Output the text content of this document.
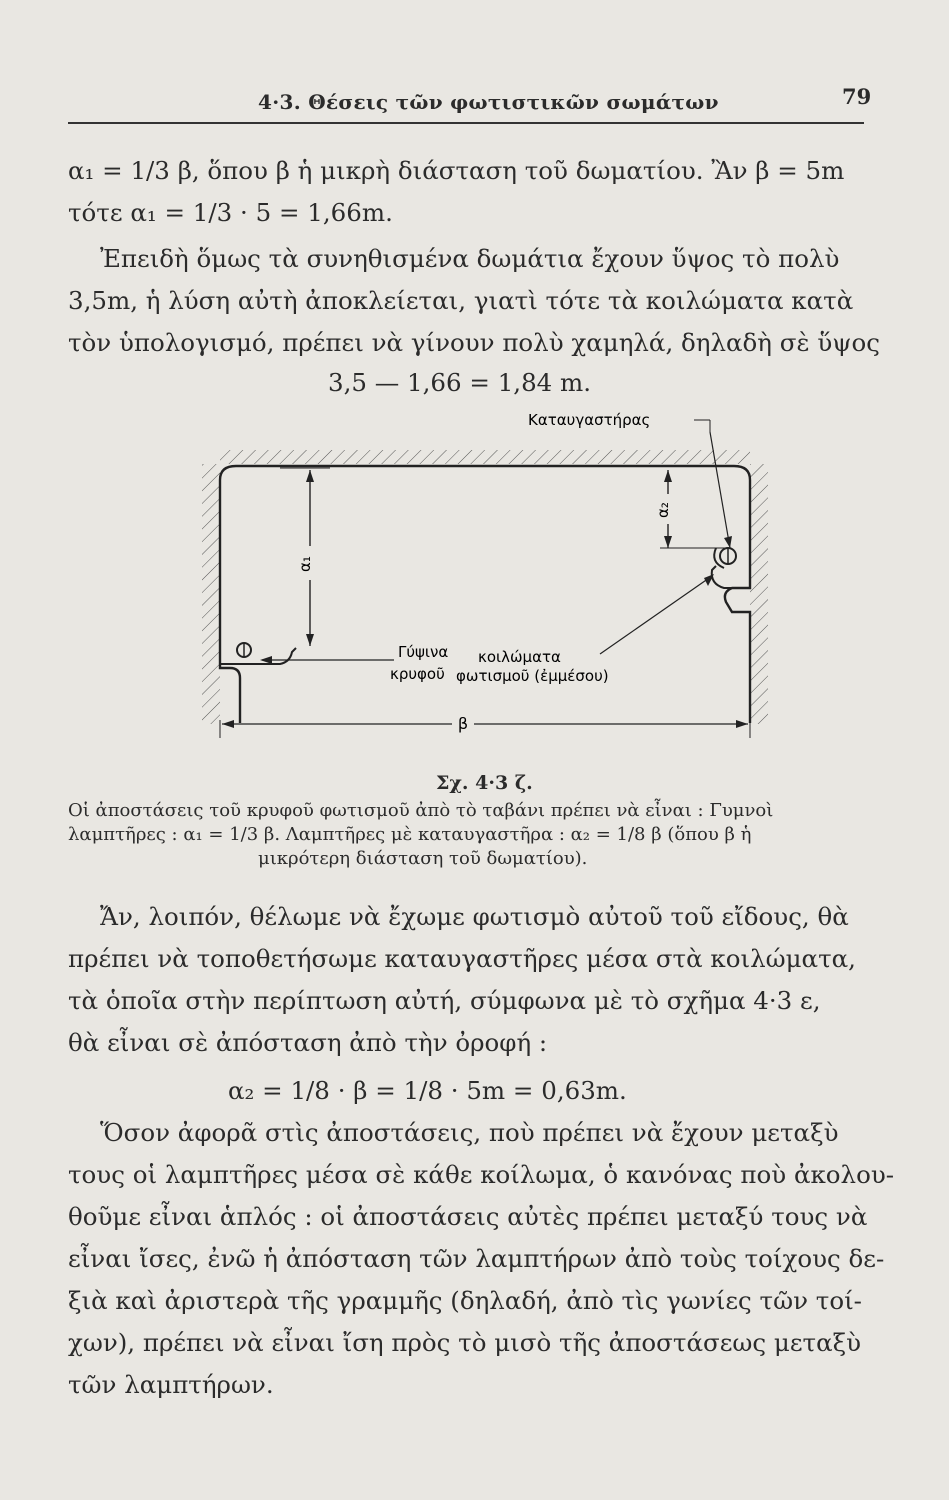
4·3. Θέσεις τῶν φωτιστικῶν σωμάτων	79
α₁ = 1/3 β, ὅπου β ἡ μικρὴ διάσταση τοῦ δωματίου. Ἂν β = 5m
τότε α₁ = 1/3 · 5 = 1,66m.
Ἐπειδὴ ὅμως τὰ συνηθισμένα δωμάτια ἔχουν ὕψος τὸ πολὺ
3,5m, ἡ λύση αὐτὴ ἀποκλείεται, γιατὶ τότε τὰ κοιλώματα κατὰ
τὸν ὑπολογισμό, πρέπει νὰ γίνουν πολὺ χαμηλά, δηλαδὴ σὲ ὕψος
3,5 — 1,66 = 1,84 m.
α₁
α₂
β
Καταυγαστήρας
Γύψινα
κρυφοῦ
κοιλώματα
φωτισμοῦ (ἐμμέσου)
Σχ. 4·3 ζ.
Οἱ ἀποστάσεις τοῦ κρυφοῦ φωτισμοῦ ἀπὸ τὸ ταβάνι πρέπει νὰ εἶναι : Γυμνοὶ
λαμπτῆρες : α₁ = 1/3 β. Λαμπτῆρες μὲ καταυγαστῆρα : α₂ = 1/8 β (ὅπου β ἡ
μικρότερη διάσταση τοῦ δωματίου).
Ἄν, λοιπόν, θέλωμε νὰ ἔχωμε φωτισμὸ αὐτοῦ τοῦ εἴδους, θὰ
πρέπει νὰ τοποθετήσωμε καταυγαστῆρες μέσα στὰ κοιλώματα,
τὰ ὁποῖα στὴν περίπτωση αὐτή, σύμφωνα μὲ τὸ σχῆμα 4·3 ε,
θὰ εἶναι σὲ ἀπόσταση ἀπὸ τὴν ὀροφή :
α₂ = 1/8 · β = 1/8 · 5m = 0,63m.
Ὅσον ἀφορᾶ στὶς ἀποστάσεις, ποὺ πρέπει νὰ ἔχουν μεταξὺ
τους οἱ λαμπτῆρες μέσα σὲ κάθε κοίλωμα, ὁ κανόνας ποὺ ἀκολου-
θοῦμε εἶναι ἁπλός : οἱ ἀποστάσεις αὐτὲς πρέπει μεταξύ τους νὰ
εἶναι ἴσες, ἐνῶ ἡ ἀπόσταση τῶν λαμπτήρων ἀπὸ τοὺς τοίχους δε-
ξιὰ καὶ ἀριστερὰ τῆς γραμμῆς (δηλαδή, ἀπὸ τὶς γωνίες τῶν τοί-
χων), πρέπει νὰ εἶναι ἴση πρὸς τὸ μισὸ τῆς ἀποστάσεως μεταξὺ
τῶν λαμπτήρων.
